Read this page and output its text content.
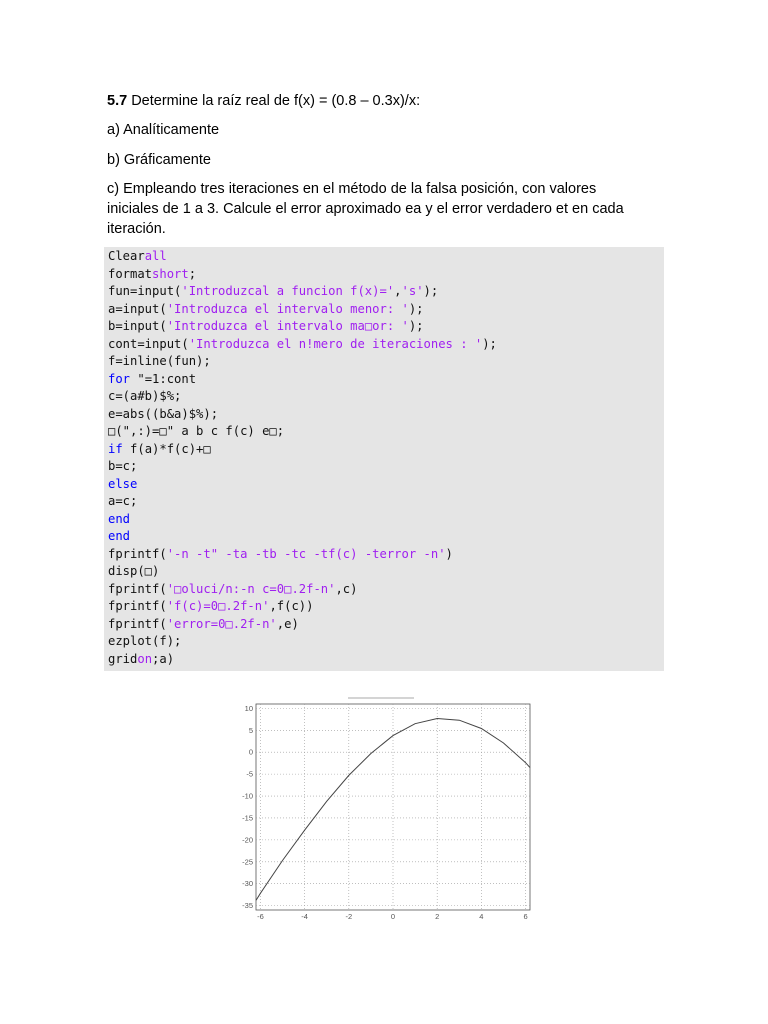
5.7 Determine la raíz real de f(x) = (0.8 – 0.3x)/x:

a) Analíticamente

b) Gráficamente

c) Empleando tres iteraciones en el método de la falsa posición, con valores
iniciales de 1 a 3. Calcule el error aproximado ea y el error verdadero et en cada
iteración.

Clearall
formatshort;
fun=input('Introduzcal a funcion f(x)=','s');
a=input('Introduzca el intervalo menor: ');
b=input('Introduzca el intervalo ma□or: ');
cont=input('Introduzca el n!mero de iteraciones : ');
f=inline(fun);
for "=1:cont
c=(a#b)$%;
e=abs((b&a)$%);
□(",:)=□" a b c f(c) e□;
if f(a)*f(c)+□
b=c;
else
a=c;
end
end
fprintf('-n -t" -ta -tb -tc -tf(c) -terror -n')
disp(□)
fprintf('□oluci/n:-n c=0□.2f-n',c)
fprintf('f(c)=0□.2f-n',f(c))
fprintf('error=0□.2f-n',e)
ezplot(f);
gridon;a)
-6	-4	-2	0	2	4	6
10
5
0
-5
-10
-15
-20
-25
-30
-35
